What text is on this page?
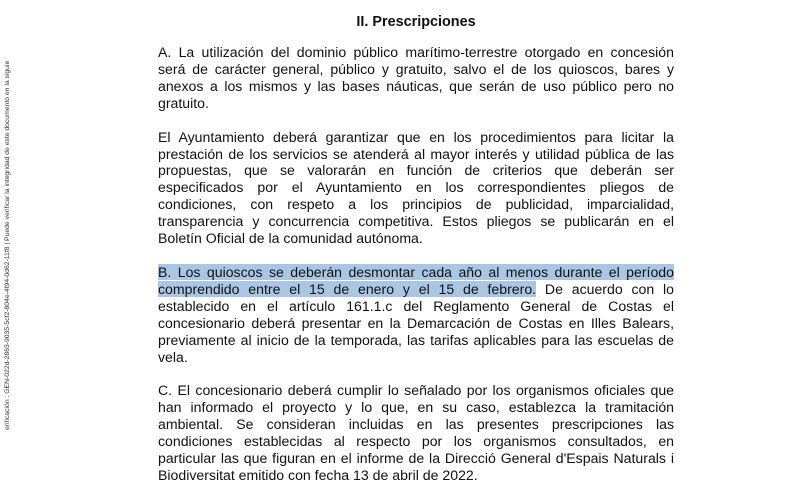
erificación : GEN-022d-2863-9035-5cf2-804e-4f94-0d62-11f8 | Puede verificar la integridad de este documento en la siguie
II. Prescripciones

A. La utilización del dominio público marítimo-terrestre otorgado en concesión será de carácter general, público y gratuito, salvo el de los quioscos, bares y anexos a los mismos y las bases náuticas, que serán de uso público pero no gratuito.

El Ayuntamiento deberá garantizar que en los procedimientos para licitar la prestación de los servicios se atenderá al mayor interés y utilidad pública de las propuestas, que se valorarán en función de criterios que deberán ser especificados por el Ayuntamiento en los correspondientes pliegos de condiciones, con respeto a los principios de publicidad, imparcialidad, transparencia y concurrencia competitiva. Estos pliegos se publicarán en el Boletín Oficial de la comunidad autónoma.

B. Los quioscos se deberán desmontar cada año al menos durante el período comprendido entre el 15 de enero y el 15 de febrero. De acuerdo con lo establecido en el artículo 161.1.c del Reglamento General de Costas el concesionario deberá presentar en la Demarcación de Costas en Illes Balears, previamente al inicio de la temporada, las tarifas aplicables para las escuelas de vela.

C. El concesionario deberá cumplir lo señalado por los organismos oficiales que han informado el proyecto y lo que, en su caso, establezca la tramitación ambiental. Se consideran incluidas en las presentes prescripciones las condiciones establecidas al respecto por los organismos consultados, en particular las que figuran en el informe de la Direcció General d'Espais Naturals i Biodiversitat emitido con fecha 13 de abril de 2022.
